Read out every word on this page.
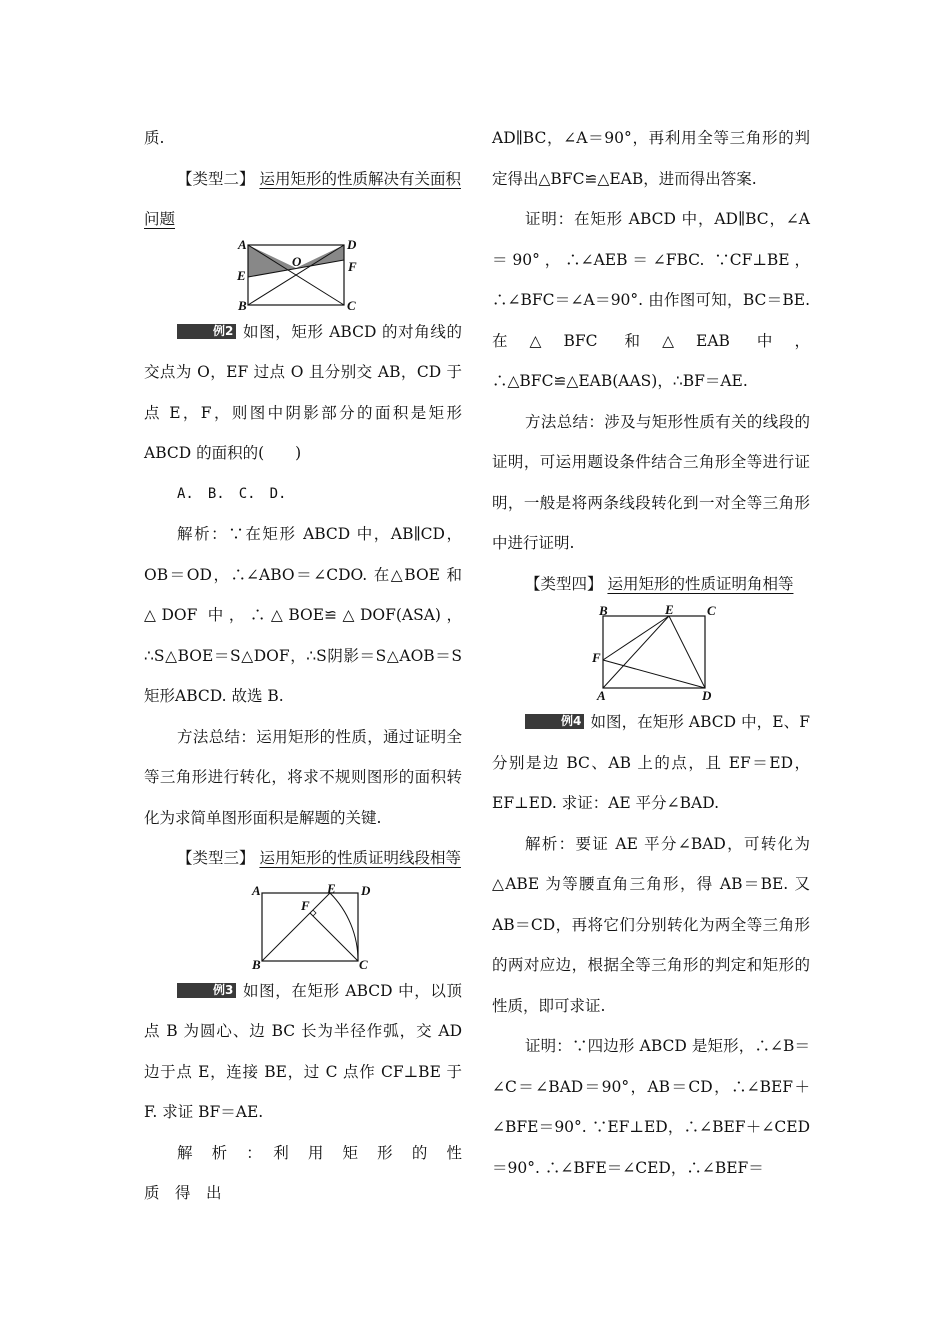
质.

【类型二】 运用矩形的性质解决有关面积问题

A	D
E
O	F
B	C

例2 如图，矩形 ABCD 的对角线的交点为 O，EF 过点 O 且分别交 AB，CD 于点 E，F，则图中阴影部分的面积是矩形 ABCD 的面积的(　　)

A.　B.　C.　D.

解析：∵在矩形 ABCD 中，AB∥CD，OB＝OD，∴∠ABO＝∠CDO. 在△BOE 和△DOF 中，∴△BOE≌△DOF(ASA)，∴S△BOE＝S△DOF，∴S阴影＝S△AOB＝S矩形ABCD. 故选 B.

方法总结：运用矩形的性质，通过证明全等三角形进行转化，将求不规则图形的面积转化为求简单图形面积是解题的关键.

【类型三】 运用矩形的性质证明线段相等

A	E D
F
B	C

例3 如图，在矩形 ABCD 中，以顶点 B 为圆心、边 BC 长为半径作弧，交 AD 边于点 E，连接 BE，过 C 点作 CF⊥BE 于 F. 求证 BF＝AE.

解　析　：　利　用　矩　形　的　性　质　得　出

AD∥BC，∠A＝90°，再利用全等三角形的判定得出△BFC≌△EAB，进而得出答案.

证明：在矩形 ABCD 中，AD∥BC，∠A＝90°，∴∠AEB＝∠FBC. ∵CF⊥BE，∴∠BFC＝∠A＝90°. 由作图可知，BC＝BE. 在△BFC 和△EAB 中，∴△BFC≌△EAB(AAS)，∴BF＝AE.

方法总结：涉及与矩形性质有关的线段的证明，可运用题设条件结合三角形全等进行证明，一般是将两条线段转化到一对全等三角形中进行证明.

【类型四】 运用矩形的性质证明角相等

B	E	C
F
A	D

例4 如图，在矩形 ABCD 中，E、F 分别是边 BC、AB 上的点，且 EF＝ED，EF⊥ED. 求证：AE 平分∠BAD.

解析：要证 AE 平分∠BAD，可转化为△ABE 为等腰直角三角形，得 AB＝BE. 又 AB＝CD，再将它们分别转化为两全等三角形的两对应边，根据全等三角形的判定和矩形的性质，即可求证.

证明：∵四边形 ABCD 是矩形，∴∠B＝∠C＝∠BAD＝90°，AB＝CD，∴∠BEF＋∠BFE＝90°. ∵EF⊥ED，∴∠BEF＋∠CED＝90°. ∴∠BFE＝∠CED，∴∠BEF＝
